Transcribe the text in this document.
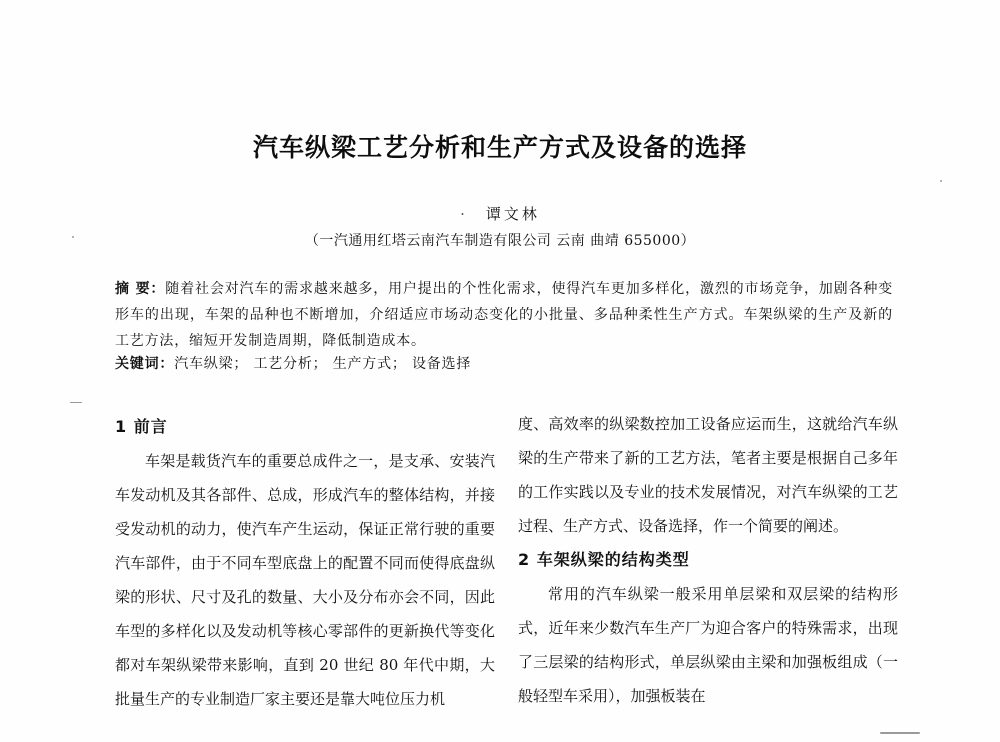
汽车纵梁工艺分析和生产方式及设备的选择
· 谭文林
（一汽通用红塔云南汽车制造有限公司 云南 曲靖 655000）
摘 要：随着社会对汽车的需求越来越多，用户提出的个性化需求，使得汽车更加多样化，激烈的市场竞争，加剧各种变形车的出现，车架的品种也不断增加，介绍适应市场动态变化的小批量、多品种柔性生产方式。车架纵梁的生产及新的工艺方法，缩短开发制造周期，降低制造成本。
关键词：汽车纵梁； 工艺分析； 生产方式； 设备选择
1 前言

车架是载货汽车的重要总成件之一，是支承、安装汽车发动机及其各部件、总成，形成汽车的整体结构，并接受发动机的动力，使汽车产生运动，保证正常行驶的重要汽车部件，由于不同车型底盘上的配置不同而使得底盘纵梁的形状、尺寸及孔的数量、大小及分布亦会不同，因此车型的多样化以及发动机等核心零部件的更新换代等变化都对车架纵梁带来影响，直到 20 世纪 80 年代中期，大批量生产的专业制造厂家主要还是靠大吨位压力机

度、高效率的纵梁数控加工设备应运而生，这就给汽车纵梁的生产带来了新的工艺方法，笔者主要是根据自己多年的工作实践以及专业的技术发展情况，对汽车纵梁的工艺过程、生产方式、设备选择，作一个简要的阐述。

2 车架纵梁的结构类型

常用的汽车纵梁一般采用单层梁和双层梁的结构形式，近年来少数汽车生产厂为迎合客户的特殊需求，出现了三层梁的结构形式，单层纵梁由主梁和加强板组成（一般轻型车采用），加强板装在
